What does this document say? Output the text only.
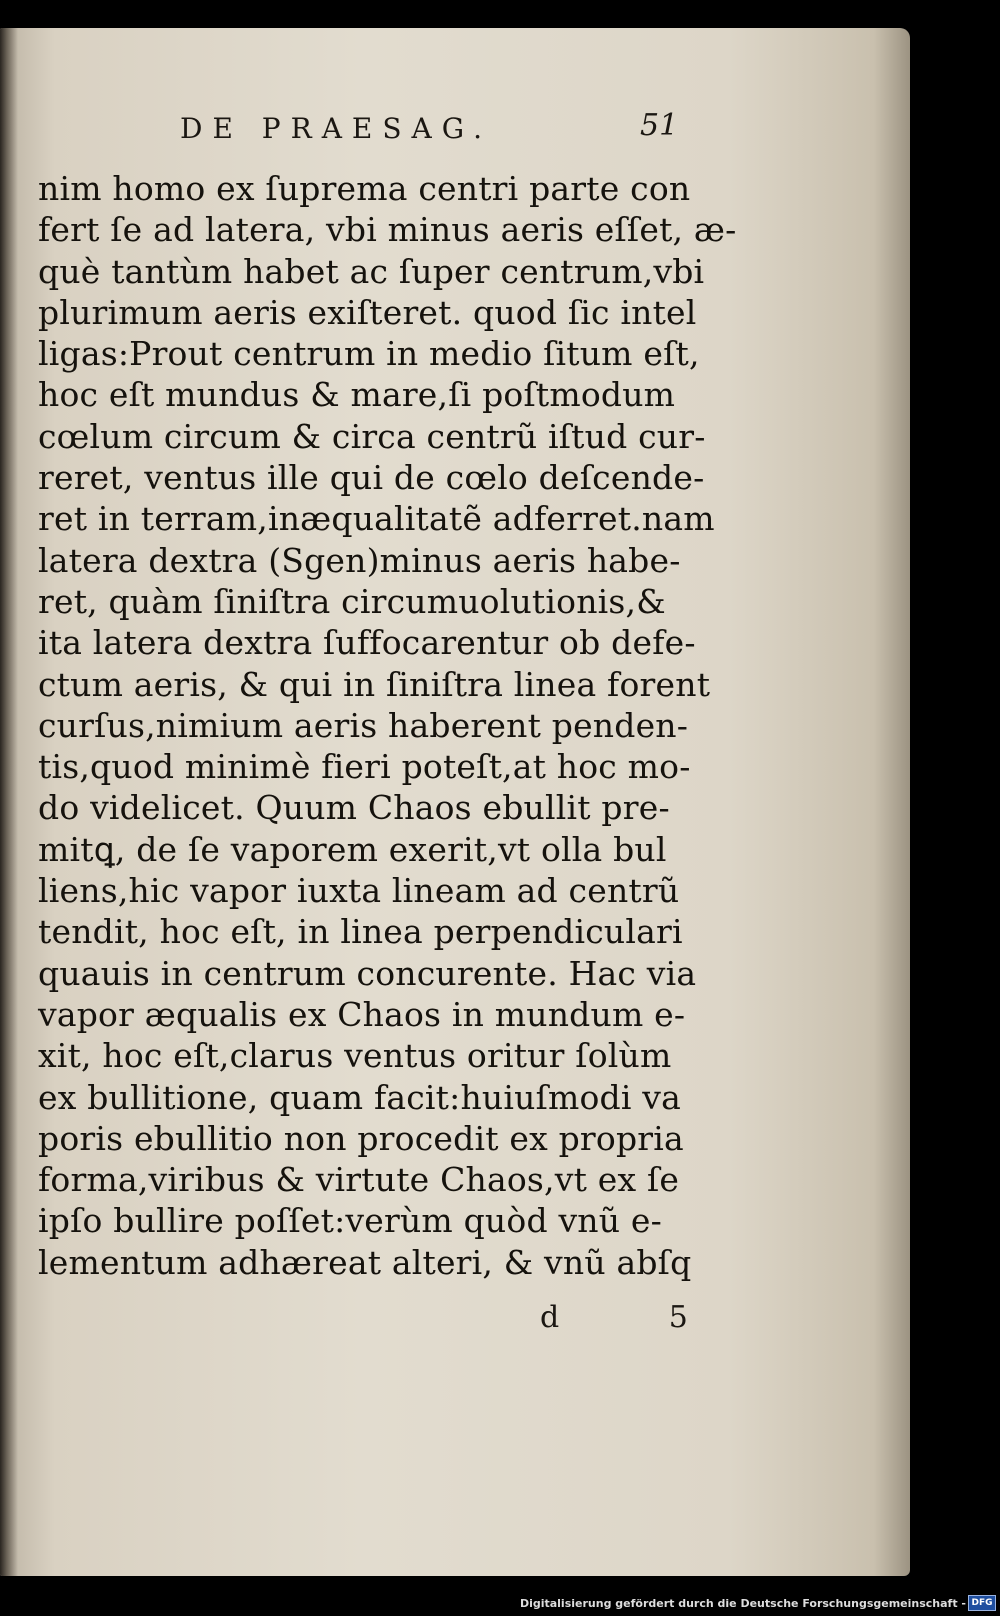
DE PRAESAG.	51
nim homo ex ſuprema centri parte con
fert ſe ad latera, vbi minus aeris eſſet, æ-
què tantùm habet ac ſuper centrum,vbi
plurimum aeris exiſteret. quod ſic intel
ligas:Prout centrum in medio ſitum eſt,
hoc eſt mundus & mare,ſi poſtmodum
cœlum circum & circa centrũ iſtud cur-
reret, ventus ille qui de cœlo deſcende-
ret in terram,inæqualitatẽ adferret.nam
latera dextra (Sgen)minus aeris habe-
ret, quàm ſiniſtra circumuolutionis,&
ita latera dextra ſuffocarentur ob defe-
ctum aeris, & qui in ſiniſtra linea forent
curſus,nimium aeris haberent penden-
tis,quod minimè fieri poteſt,at hoc mo-
do videlicet. Quum Chaos ebullit pre-
mitꝗ, de ſe vaporem exerit,vt olla bul
liens,hic vapor iuxta lineam ad centrũ
tendit, hoc eſt, in linea perpendiculari
quauis in centrum concurente. Hac via
vapor æqualis ex Chaos in mundum e-
xit, hoc eſt,clarus ventus oritur ſolùm
ex bullitione, quam facit:huiuſmodi va
poris ebullitio non procedit ex propria
forma,viribus & virtute Chaos,vt ex ſe
ipſo bullire poſſet:verùm quòd vnũ e-
lementum adhæreat alteri, & vnũ abſq
d 5
Digitalisierung gefördert durch die Deutsche Forschungsgemeinschaft - DFG
